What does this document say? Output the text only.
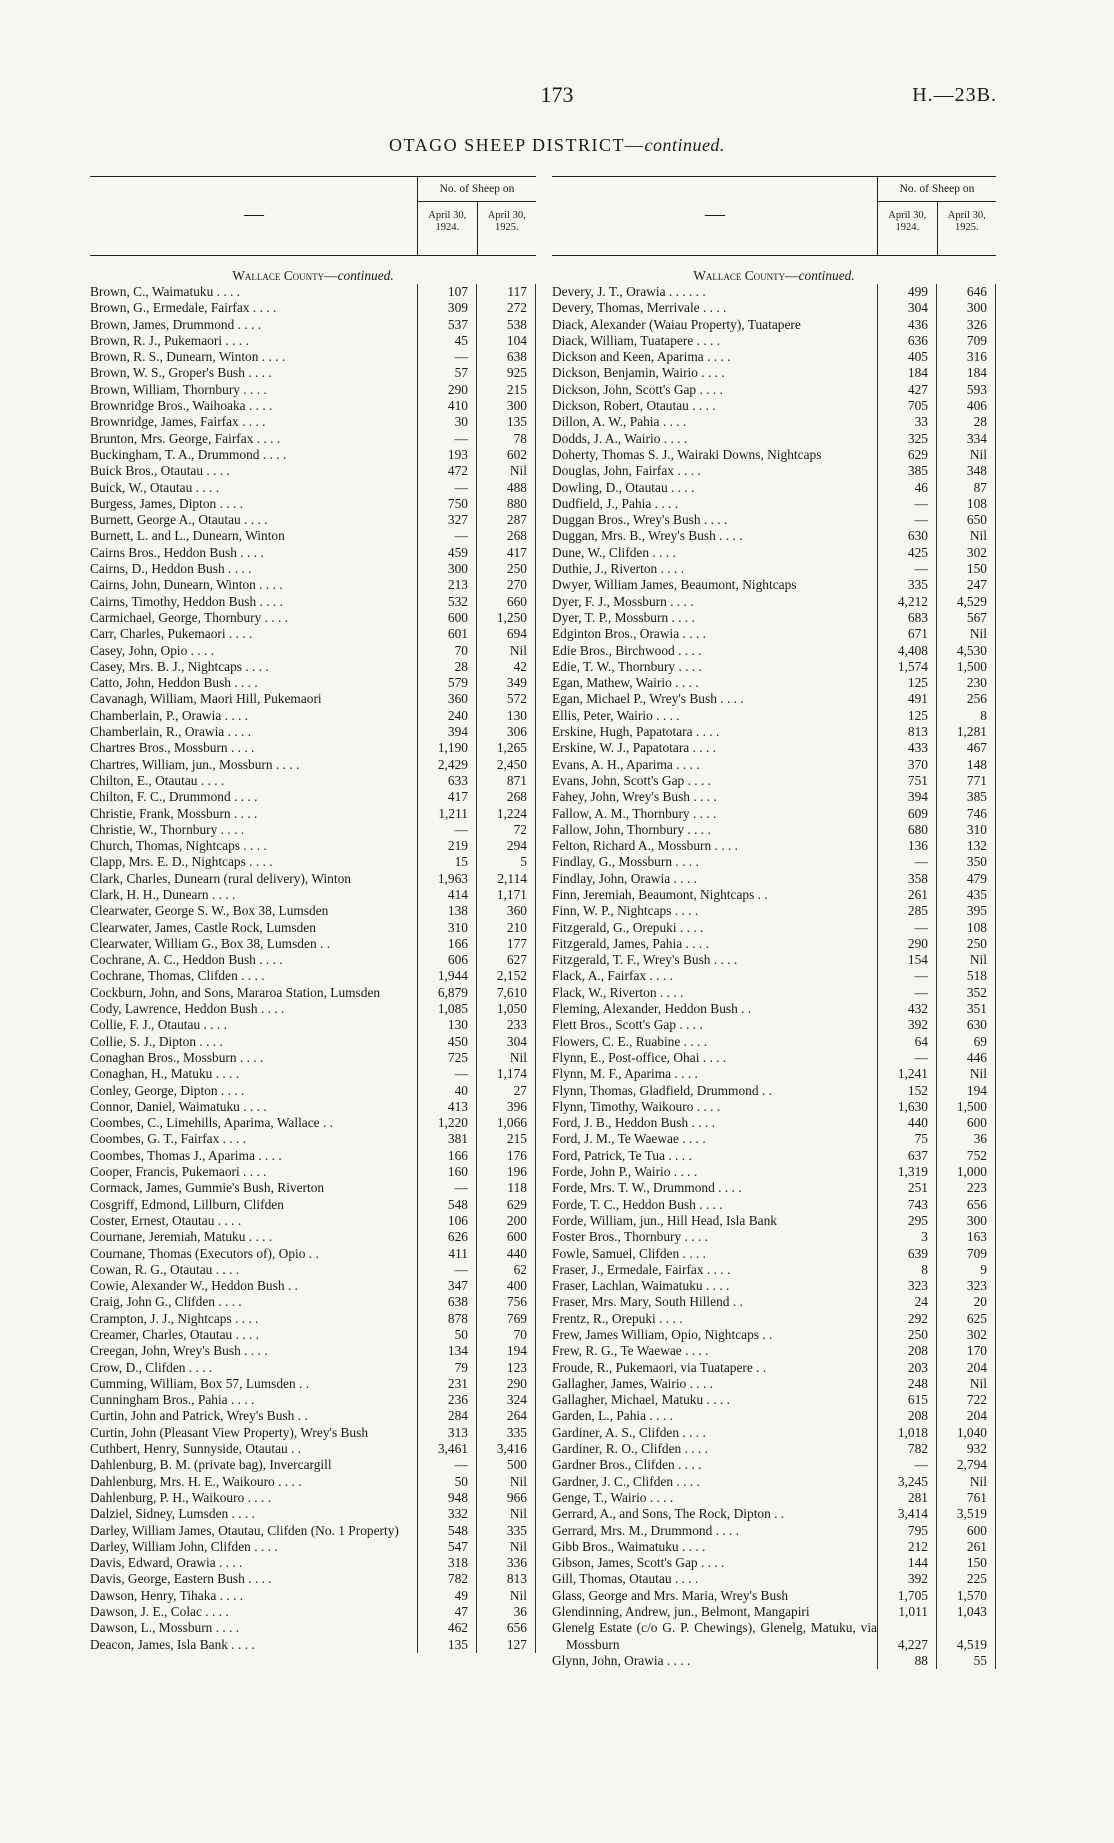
173	H.—23B.
OTAGO SHEEP DISTRICT—continued.
—
No. of Sheep on
April 30, 1924.
April 30, 1925.
Wallace County—continued.
Brown, C., Waimatuku . . . .	107	117
Brown, G., Ermedale, Fairfax . . . .	309	272
Brown, James, Drummond . . . .	537	538
Brown, R. J., Pukemaori . . . .	45	104
Brown, R. S., Dunearn, Winton . . . .	—	638
Brown, W. S., Groper's Bush . . . .	57	925
Brown, William, Thornbury . . . .	290	215
Brownridge Bros., Waihoaka . . . .	410	300
Brownridge, James, Fairfax . . . .	30	135
Brunton, Mrs. George, Fairfax . . . .	—	78
Buckingham, T. A., Drummond . . . .	193	602
Buick Bros., Otautau . . . .	472	Nil
Buick, W., Otautau . . . .	—	488
Burgess, James, Dipton . . . .	750	880
Burnett, George A., Otautau . . . .	327	287
Burnett, L. and L., Dunearn, Winton	—	268
Cairns Bros., Heddon Bush . . . .	459	417
Cairns, D., Heddon Bush . . . .	300	250
Cairns, John, Dunearn, Winton . . . .	213	270
Cairns, Timothy, Heddon Bush . . . .	532	660
Carmichael, George, Thornbury . . . .	600	1,250
Carr, Charles, Pukemaori . . . .	601	694
Casey, John, Opio . . . .	70	Nil
Casey, Mrs. B. J., Nightcaps . . . .	28	42
Catto, John, Heddon Bush . . . .	579	349
Cavanagh, William, Maori Hill, Pukemaori	360	572
Chamberlain, P., Orawia . . . .	240	130
Chamberlain, R., Orawia . . . .	394	306
Chartres Bros., Mossburn . . . .	1,190	1,265
Chartres, William, jun., Mossburn . . . .	2,429	2,450
Chilton, E., Otautau . . . .	633	871
Chilton, F. C., Drummond . . . .	417	268
Christie, Frank, Mossburn . . . .	1,211	1,224
Christie, W., Thornbury . . . .	—	72
Church, Thomas, Nightcaps . . . .	219	294
Clapp, Mrs. E. D., Nightcaps . . . .	15	5
Clark, Charles, Dunearn (rural delivery), Winton	1,963	2,114
Clark, H. H., Dunearn . . . .	414	1,171
Clearwater, George S. W., Box 38, Lumsden	138	360
Clearwater, James, Castle Rock, Lumsden	310	210
Clearwater, William G., Box 38, Lumsden . .	166	177
Cochrane, A. C., Heddon Bush . . . .	606	627
Cochrane, Thomas, Clifden . . . .	1,944	2,152
Cockburn, John, and Sons, Mararoa Station, Lumsden	6,879	7,610
Cody, Lawrence, Heddon Bush . . . .	1,085	1,050
Collie, F. J., Otautau . . . .	130	233
Collie, S. J., Dipton . . . .	450	304
Conaghan Bros., Mossburn . . . .	725	Nil
Conaghan, H., Matuku . . . .	—	1,174
Conley, George, Dipton . . . .	40	27
Connor, Daniel, Waimatuku . . . .	413	396
Coombes, C., Limehills, Aparima, Wallace . .	1,220	1,066
Coombes, G. T., Fairfax . . . .	381	215
Coombes, Thomas J., Aparima . . . .	166	176
Cooper, Francis, Pukemaori . . . .	160	196
Cormack, James, Gummie's Bush, Riverton	—	118
Cosgriff, Edmond, Lillburn, Clifden	548	629
Coster, Ernest, Otautau . . . .	106	200
Cournane, Jeremiah, Matuku . . . .	626	600
Cournane, Thomas (Executors of), Opio . .	411	440
Cowan, R. G., Otautau . . . .	—	62
Cowie, Alexander W., Heddon Bush . .	347	400
Craig, John G., Clifden . . . .	638	756
Crampton, J. J., Nightcaps . . . .	878	769
Creamer, Charles, Otautau . . . .	50	70
Creegan, John, Wrey's Bush . . . .	134	194
Crow, D., Clifden . . . .	79	123
Cumming, William, Box 57, Lumsden . .	231	290
Cunningham Bros., Pahia . . . .	236	324
Curtin, John and Patrick, Wrey's Bush . .	284	264
Curtin, John (Pleasant View Property), Wrey's Bush	313	335
Cuthbert, Henry, Sunnyside, Otautau . .	3,461	3,416
Dahlenburg, B. M. (private bag), Invercargill	—	500
Dahlenburg, Mrs. H. E., Waikouro . . . .	50	Nil
Dahlenburg, P. H., Waikouro . . . .	948	966
Dalziel, Sidney, Lumsden . . . .	332	Nil
Darley, William James, Otautau, Clifden (No. 1 Property)	548	335
Darley, William John, Clifden . . . .	547	Nil
Davis, Edward, Orawia . . . .	318	336
Davis, George, Eastern Bush . . . .	782	813
Dawson, Henry, Tihaka . . . .	49	Nil
Dawson, J. E., Colac . . . .	47	36
Dawson, L., Mossburn . . . .	462	656
Deacon, James, Isla Bank . . . .	135	127
—
No. of Sheep on
April 30, 1924.
April 30, 1925.
Wallace County—continued.
Devery, J. T., Orawia . . . . . .	499	646
Devery, Thomas, Merrivale . . . .	304	300
Diack, Alexander (Waiau Property), Tuatapere	436	326
Diack, William, Tuatapere . . . .	636	709
Dickson and Keen, Aparima . . . .	405	316
Dickson, Benjamin, Wairio . . . .	184	184
Dickson, John, Scott's Gap . . . .	427	593
Dickson, Robert, Otautau . . . .	705	406
Dillon, A. W., Pahia . . . .	33	28
Dodds, J. A., Wairio . . . .	325	334
Doherty, Thomas S. J., Wairaki Downs, Nightcaps	629	Nil
Douglas, John, Fairfax . . . .	385	348
Dowling, D., Otautau . . . .	46	87
Dudfield, J., Pahia . . . .	—	108
Duggan Bros., Wrey's Bush . . . .	—	650
Duggan, Mrs. B., Wrey's Bush . . . .	630	Nil
Dune, W., Clifden . . . .	425	302
Duthie, J., Riverton . . . .	—	150
Dwyer, William James, Beaumont, Nightcaps	335	247
Dyer, F. J., Mossburn . . . .	4,212	4,529
Dyer, T. P., Mossburn . . . .	683	567
Edginton Bros., Orawia . . . .	671	Nil
Edie Bros., Birchwood . . . .	4,408	4,530
Edie, T. W., Thornbury . . . .	1,574	1,500
Egan, Mathew, Wairio . . . .	125	230
Egan, Michael P., Wrey's Bush . . . .	491	256
Ellis, Peter, Wairio . . . .	125	8
Erskine, Hugh, Papatotara . . . .	813	1,281
Erskine, W. J., Papatotara . . . .	433	467
Evans, A. H., Aparima . . . .	370	148
Evans, John, Scott's Gap . . . .	751	771
Fahey, John, Wrey's Bush . . . .	394	385
Fallow, A. M., Thornbury . . . .	609	746
Fallow, John, Thornbury . . . .	680	310
Felton, Richard A., Mossburn . . . .	136	132
Findlay, G., Mossburn . . . .	—	350
Findlay, John, Orawia . . . .	358	479
Finn, Jeremiah, Beaumont, Nightcaps . .	261	435
Finn, W. P., Nightcaps . . . .	285	395
Fitzgerald, G., Orepuki . . . .	—	108
Fitzgerald, James, Pahia . . . .	290	250
Fitzgerald, T. F., Wrey's Bush . . . .	154	Nil
Flack, A., Fairfax . . . .	—	518
Flack, W., Riverton . . . .	—	352
Fleming, Alexander, Heddon Bush . .	432	351
Flett Bros., Scott's Gap . . . .	392	630
Flowers, C. E., Ruabine . . . .	64	69
Flynn, E., Post-office, Ohai . . . .	—	446
Flynn, M. F., Aparima . . . .	1,241	Nil
Flynn, Thomas, Gladfield, Drummond . .	152	194
Flynn, Timothy, Waikouro . . . .	1,630	1,500
Ford, J. B., Heddon Bush . . . .	440	600
Ford, J. M., Te Waewae . . . .	75	36
Ford, Patrick, Te Tua . . . .	637	752
Forde, John P., Wairio . . . .	1,319	1,000
Forde, Mrs. T. W., Drummond . . . .	251	223
Forde, T. C., Heddon Bush . . . .	743	656
Forde, William, jun., Hill Head, Isla Bank	295	300
Foster Bros., Thornbury . . . .	3	163
Fowle, Samuel, Clifden . . . .	639	709
Fraser, J., Ermedale, Fairfax . . . .	8	9
Fraser, Lachlan, Waimatuku . . . .	323	323
Fraser, Mrs. Mary, South Hillend . .	24	20
Frentz, R., Orepuki . . . .	292	625
Frew, James William, Opio, Nightcaps . .	250	302
Frew, R. G., Te Waewae . . . .	208	170
Froude, R., Pukemaori, via Tuatapere . .	203	204
Gallagher, James, Wairio . . . .	248	Nil
Gallagher, Michael, Matuku . . . .	615	722
Garden, L., Pahia . . . .	208	204
Gardiner, A. S., Clifden . . . .	1,018	1,040
Gardiner, R. O., Clifden . . . .	782	932
Gardner Bros., Clifden . . . .	—	2,794
Gardner, J. C., Clifden . . . .	3,245	Nil
Genge, T., Wairio . . . .	281	761
Gerrard, A., and Sons, The Rock, Dipton . .	3,414	3,519
Gerrard, Mrs. M., Drummond . . . .	795	600
Gibb Bros., Waimatuku . . . .	212	261
Gibson, James, Scott's Gap . . . .	144	150
Gill, Thomas, Otautau . . . .	392	225
Glass, George and Mrs. Maria, Wrey's Bush	1,705	1,570
Glendinning, Andrew, jun., Belmont, Mangapiri	1,011	1,043
Glenelg Estate (c/o G. P. Chewings), Glenelg, Matuku, via Mossburn	4,227	4,519
Glynn, John, Orawia . . . .	88	55
